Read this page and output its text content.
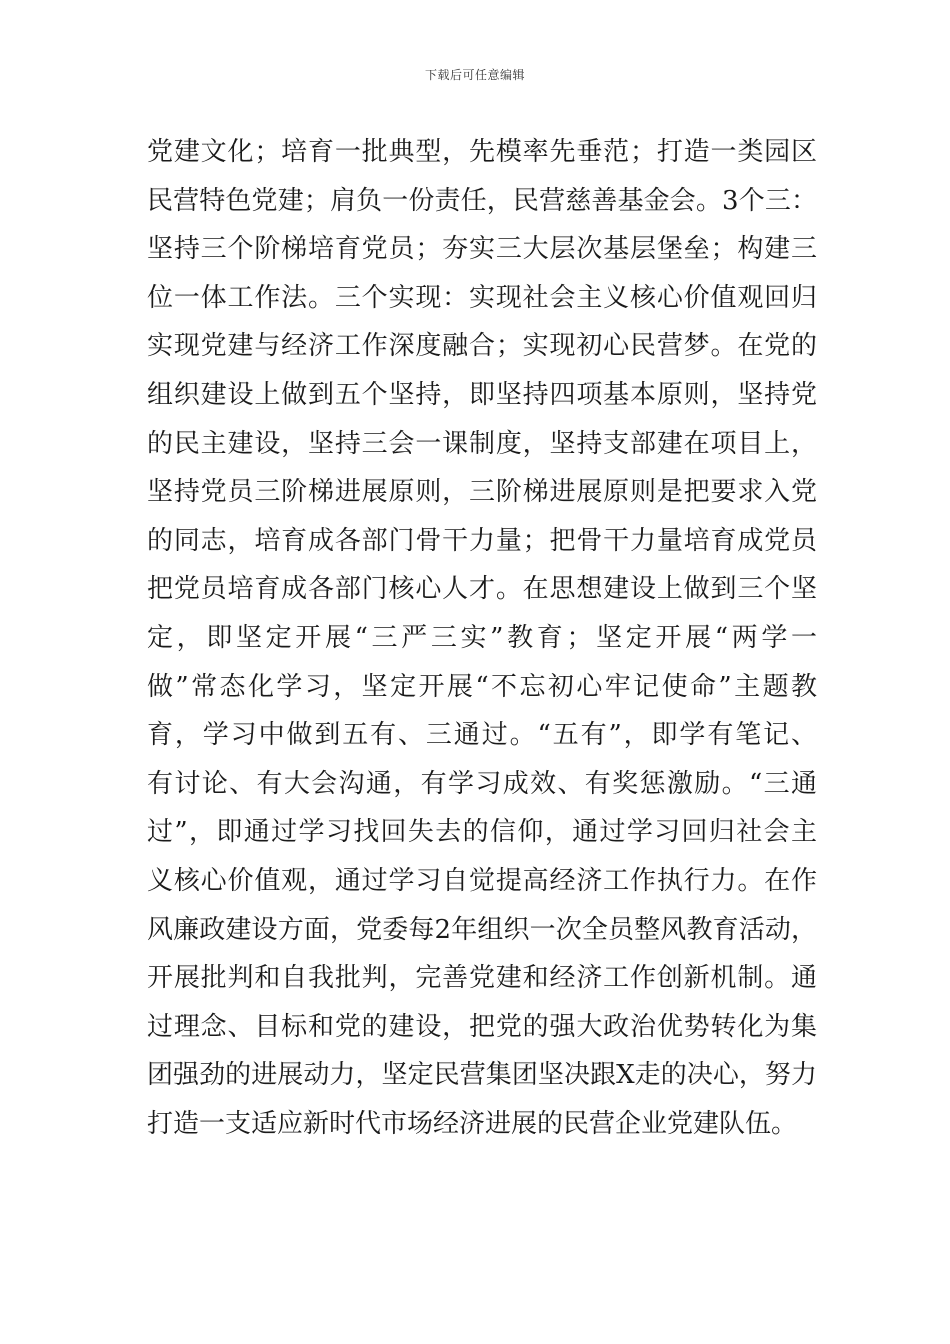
下载后可任意编辑
党建文化；培育一批典型，先模率先垂范；打造一类园区
民营特色党建；肩负一份责任，民营慈善基金会。3个三：
坚持三个阶梯培育党员；夯实三大层次基层堡垒；构建三
位一体工作法。三个实现：实现社会主义核心价值观回归
实现党建与经济工作深度融合；实现初心民营梦。在党的
组织建设上做到五个坚持，即坚持四项基本原则，坚持党
的民主建设，坚持三会一课制度，坚持支部建在项目上，
坚持党员三阶梯进展原则，三阶梯进展原则是把要求入党
的同志，培育成各部门骨干力量；把骨干力量培育成党员
把党员培育成各部门核心人才。在思想建设上做到三个坚
定，即坚定开展“三严三实”教育；坚定开展“两学一
做”常态化学习，坚定开展“不忘初心牢记使命”主题教
育，学习中做到五有、三通过。“五有”，即学有笔记、
有讨论、有大会沟通，有学习成效、有奖惩激励。“三通
过”，即通过学习找回失去的信仰，通过学习回归社会主
义核心价值观，通过学习自觉提高经济工作执行力。在作
风廉政建设方面，党委每2年组织一次全员整风教育活动，
开展批判和自我批判，完善党建和经济工作创新机制。通
过理念、目标和党的建设，把党的强大政治优势转化为集
团强劲的进展动力，坚定民营集团坚决跟X走的决心，努力
打造一支适应新时代市场经济进展的民营企业党建队伍。
